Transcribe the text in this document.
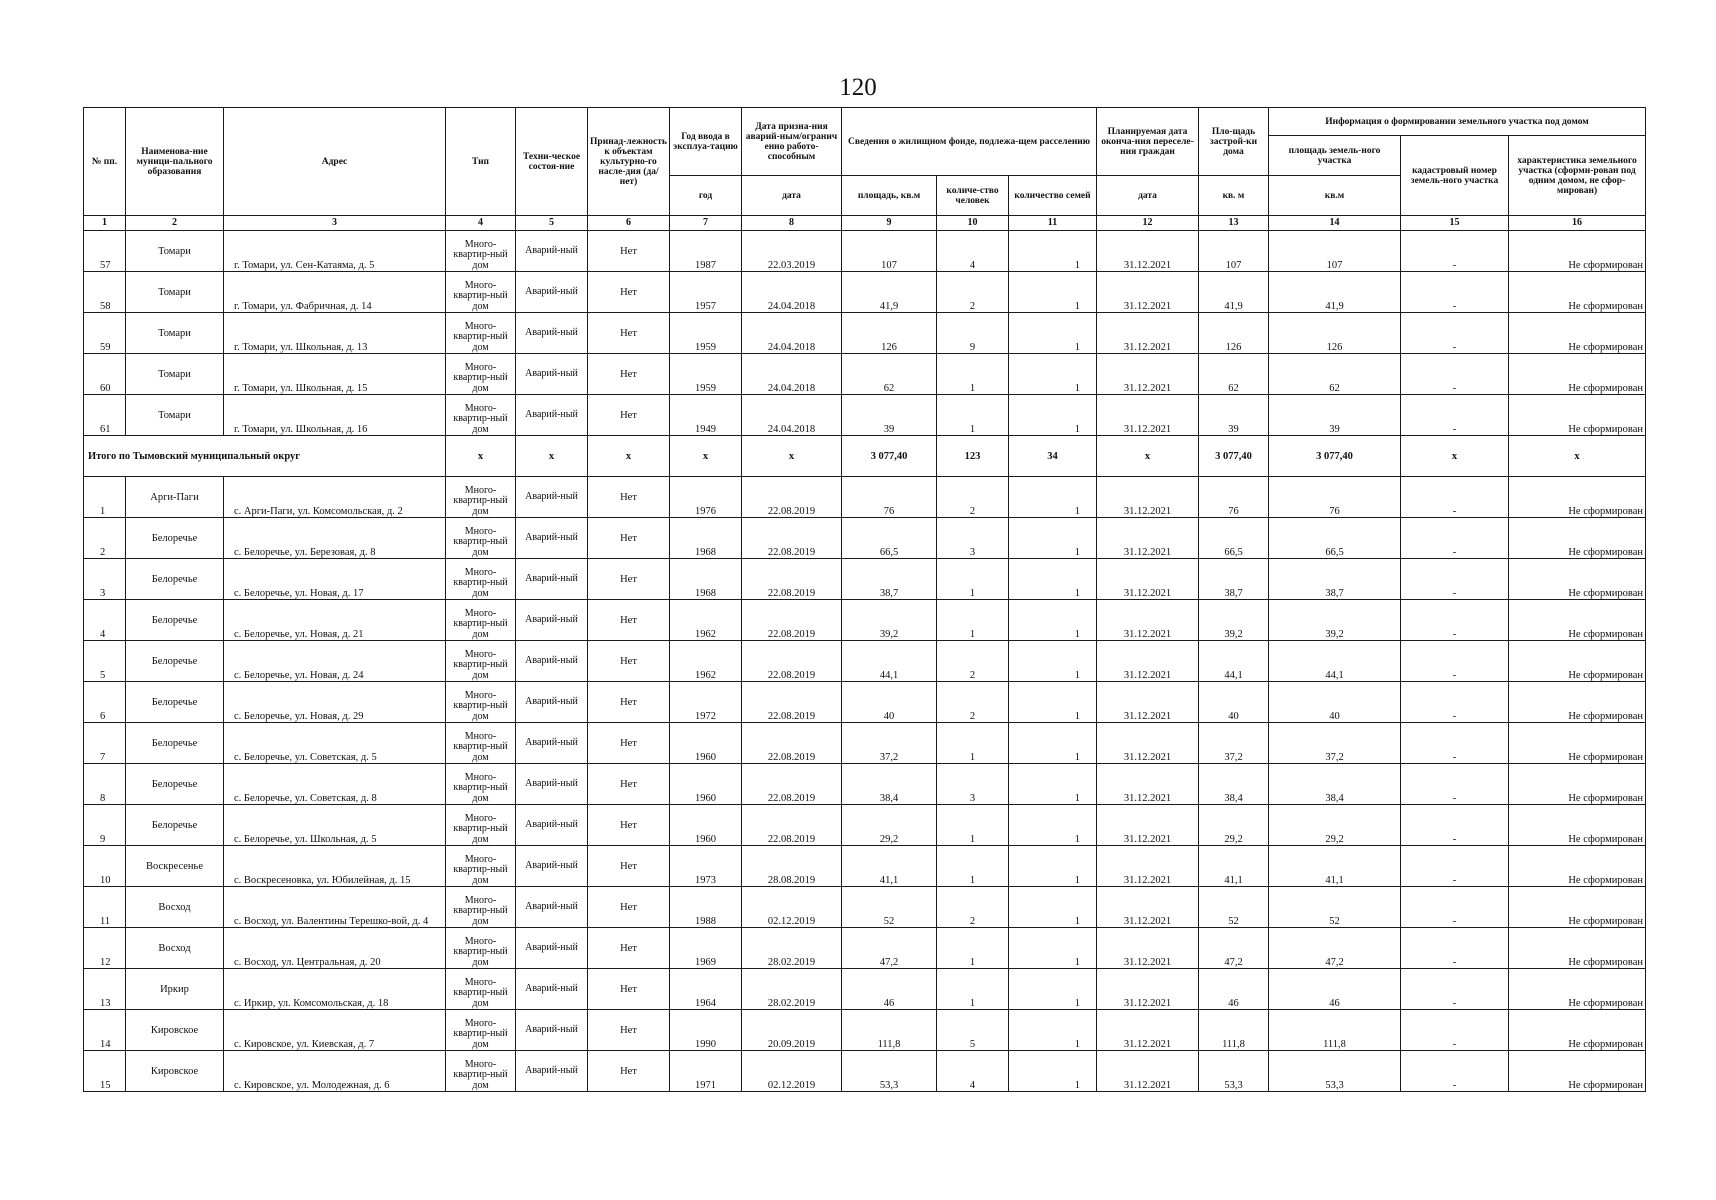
120
№ пп.	Наименова-ние муници-пального образования	Адрес	Тип	Техни-ческое состоя-ние	Принад-лежность к объектам культурно-го насле-дия (да/нет)	Год ввода в эксплуа-тацию	Дата призна-ния аварий-ным/огранич енно работо-способным	Сведения о жилищном фонде, подлежа-щем расселению			Планируемая дата оконча-ния переселе-ния граждан	Пло-щадь застрой-ки дома	Информация о формировании земельного участка под домом		
													площадь земель-ного участка	кадастровый номер земель-ного участка	характеристика земельного участка (сформи-рован под одним домом, не сфор-мирован)
						год	дата	площадь, кв.м	количе-ство человек	количество семей	дата	кв. м	кв.м		
1	2	3	4	5	6	7	8	9	10	11	12	13	14	15	16
57	Томари	г. Томари, ул. Сен-Катаяма, д. 5	Много-квартир-ный дом	Аварий-ный	Нет	1987	22.03.2019	107	4	1	31.12.2021	107	107	-	Не сформирован
58	Томари	г. Томари, ул. Фабричная, д. 14	Много-квартир-ный дом	Аварий-ный	Нет	1957	24.04.2018	41,9	2	1	31.12.2021	41,9	41,9	-	Не сформирован
59	Томари	г. Томари, ул. Школьная, д. 13	Много-квартир-ный дом	Аварий-ный	Нет	1959	24.04.2018	126	9	1	31.12.2021	126	126	-	Не сформирован
60	Томари	г. Томари, ул. Школьная, д. 15	Много-квартир-ный дом	Аварий-ный	Нет	1959	24.04.2018	62	1	1	31.12.2021	62	62	-	Не сформирован
61	Томари	г. Томари, ул. Школьная, д. 16	Много-квартир-ный дом	Аварий-ный	Нет	1949	24.04.2018	39	1	1	31.12.2021	39	39	-	Не сформирован
Итого по Тымовский муниципальный округ			х	х	х	х	х	3 077,40	123	34	х	3 077,40	3 077,40	х	х
1	Арги-Паги	с. Арги-Паги, ул. Комсомольская, д. 2	Много-квартир-ный дом	Аварий-ный	Нет	1976	22.08.2019	76	2	1	31.12.2021	76	76	-	Не сформирован
2	Белоречье	с. Белоречье, ул. Березовая, д. 8	Много-квартир-ный дом	Аварий-ный	Нет	1968	22.08.2019	66,5	3	1	31.12.2021	66,5	66,5	-	Не сформирован
3	Белоречье	с. Белоречье, ул. Новая, д. 17	Много-квартир-ный дом	Аварий-ный	Нет	1968	22.08.2019	38,7	1	1	31.12.2021	38,7	38,7	-	Не сформирован
4	Белоречье	с. Белоречье, ул. Новая, д. 21	Много-квартир-ный дом	Аварий-ный	Нет	1962	22.08.2019	39,2	1	1	31.12.2021	39,2	39,2	-	Не сформирован
5	Белоречье	с. Белоречье, ул. Новая, д. 24	Много-квартир-ный дом	Аварий-ный	Нет	1962	22.08.2019	44,1	2	1	31.12.2021	44,1	44,1	-	Не сформирован
6	Белоречье	с. Белоречье, ул. Новая, д. 29	Много-квартир-ный дом	Аварий-ный	Нет	1972	22.08.2019	40	2	1	31.12.2021	40	40	-	Не сформирован
7	Белоречье	с. Белоречье, ул. Советская, д. 5	Много-квартир-ный дом	Аварий-ный	Нет	1960	22.08.2019	37,2	1	1	31.12.2021	37,2	37,2	-	Не сформирован
8	Белоречье	с. Белоречье, ул. Советская, д. 8	Много-квартир-ный дом	Аварий-ный	Нет	1960	22.08.2019	38,4	3	1	31.12.2021	38,4	38,4	-	Не сформирован
9	Белоречье	с. Белоречье, ул. Школьная, д. 5	Много-квартир-ный дом	Аварий-ный	Нет	1960	22.08.2019	29,2	1	1	31.12.2021	29,2	29,2	-	Не сформирован
10	Воскресенье	с. Воскресеновка, ул. Юбилейная, д. 15	Много-квартир-ный дом	Аварий-ный	Нет	1973	28.08.2019	41,1	1	1	31.12.2021	41,1	41,1	-	Не сформирован
11	Восход	с. Восход, ул. Валентины Терешко-вой, д. 4	Много-квартир-ный дом	Аварий-ный	Нет	1988	02.12.2019	52	2	1	31.12.2021	52	52	-	Не сформирован
12	Восход	с. Восход, ул. Центральная, д. 20	Много-квартир-ный дом	Аварий-ный	Нет	1969	28.02.2019	47,2	1	1	31.12.2021	47,2	47,2	-	Не сформирован
13	Иркир	с. Иркир, ул. Комсомольская, д. 18	Много-квартир-ный дом	Аварий-ный	Нет	1964	28.02.2019	46	1	1	31.12.2021	46	46	-	Не сформирован
14	Кировское	с. Кировское, ул. Киевская, д. 7	Много-квартир-ный дом	Аварий-ный	Нет	1990	20.09.2019	111,8	5	1	31.12.2021	111,8	111,8	-	Не сформирован
15	Кировское	с. Кировское, ул. Молодежная, д. 6	Много-квартир-ный дом	Аварий-ный	Нет	1971	02.12.2019	53,3	4	1	31.12.2021	53,3	53,3	-	Не сформирован
